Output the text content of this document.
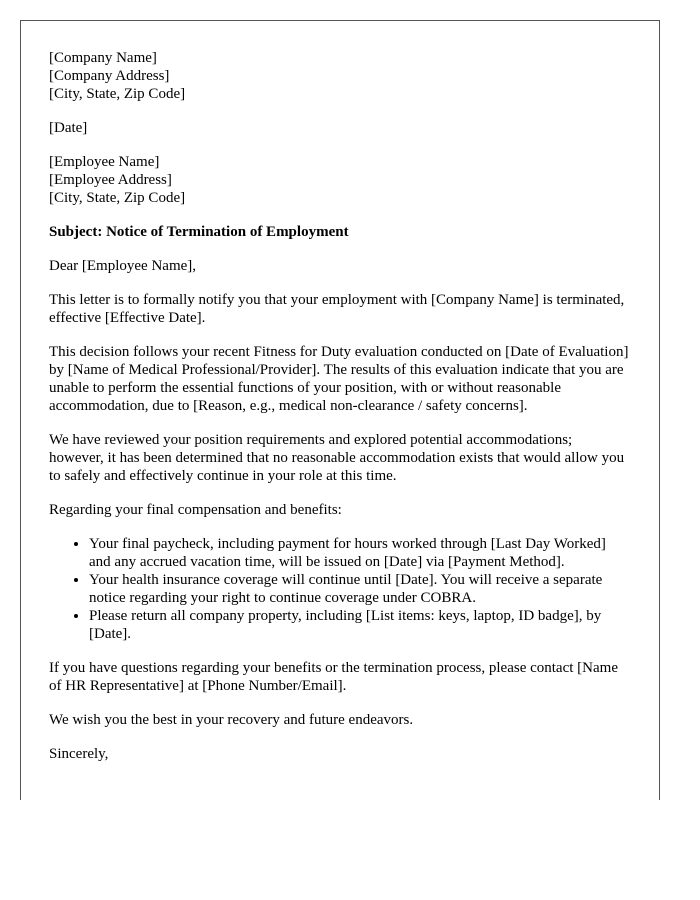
[Company Name]
[Company Address]
[City, State, Zip Code]
[Date]
[Employee Name]
[Employee Address]
[City, State, Zip Code]

Subject: Notice of Termination of Employment

Dear [Employee Name],

This letter is to formally notify you that your employment with [Company Name] is terminated, effective [Effective Date].

This decision follows your recent Fitness for Duty evaluation conducted on [Date of Evaluation] by [Name of Medical Professional/Provider]. The results of this evaluation indicate that you are unable to perform the essential functions of your position, with or without reasonable accommodation, due to [Reason, e.g., medical non-clearance / safety concerns].

We have reviewed your position requirements and explored potential accommodations; however, it has been determined that no reasonable accommodation exists that would allow you to safely and effectively continue in your role at this time.

Regarding your final compensation and benefits:

• Your final paycheck, including payment for hours worked through [Last Day Worked] and any accrued vacation time, will be issued on [Date] via [Payment Method].
• Your health insurance coverage will continue until [Date]. You will receive a separate notice regarding your right to continue coverage under COBRA.
• Please return all company property, including [List items: keys, laptop, ID badge], by [Date].

If you have questions regarding your benefits or the termination process, please contact [Name of HR Representative] at [Phone Number/Email].

We wish you the best in your recovery and future endeavors.

Sincerely,
